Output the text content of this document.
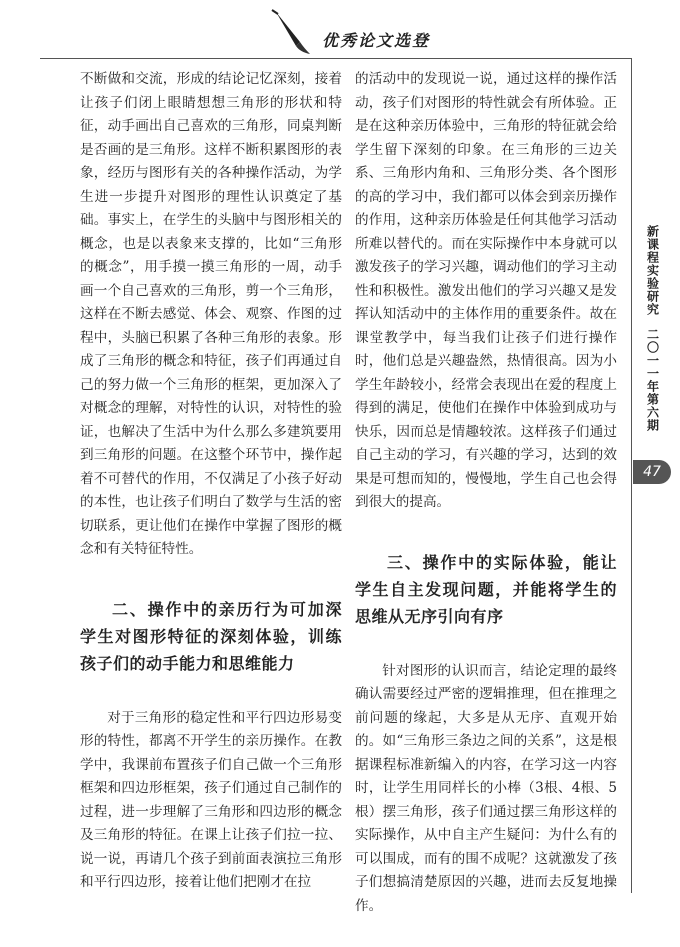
优秀论文选登
新课程实验研究
二〇一一年第六期
47

不断做和交流，形成的结论记忆深刻，接着让孩子们闭上眼睛想想三角形的形状和特征，动手画出自己喜欢的三角形，同桌判断是否画的是三角形。这样不断积累图形的表象，经历与图形有关的各种操作活动，为学生进一步提升对图形的理性认识奠定了基础。事实上，在学生的头脑中与图形相关的概念，也是以表象来支撑的，比如“三角形的概念”，用手摸一摸三角形的一周，动手画一个自己喜欢的三角形，剪一个三角形，这样在不断去感觉、体会、观察、作图的过程中，头脑已积累了各种三角形的表象。形成了三角形的概念和特征，孩子们再通过自己的努力做一个三角形的框架，更加深入了对概念的理解，对特性的认识，对特性的验证，也解决了生活中为什么那么多建筑要用到三角形的问题。在这整个环节中，操作起着不可替代的作用，不仅满足了小孩子好动的本性，也让孩子们明白了数学与生活的密切联系，更让他们在操作中掌握了图形的概念和有关特征特性。

二、操作中的亲历行为可加深学生对图形特征的深刻体验，训练孩子们的动手能力和思维能力

对于三角形的稳定性和平行四边形易变形的特性，都离不开学生的亲历操作。在教学中，我课前布置孩子们自己做一个三角形框架和四边形框架，孩子们通过自己制作的过程，进一步理解了三角形和四边形的概念及三角形的特征。在课上让孩子们拉一拉、说一说，再请几个孩子到前面表演拉三角形和平行四边形，接着让他们把刚才在拉

的活动中的发现说一说，通过这样的操作活动，孩子们对图形的特性就会有所体验。正是在这种亲历体验中，三角形的特征就会给学生留下深刻的印象。在三角形的三边关系、三角形内角和、三角形分类、各个图形的高的学习中，我们都可以体会到亲历操作的作用，这种亲历体验是任何其他学习活动所难以替代的。而在实际操作中本身就可以激发孩子的学习兴趣，调动他们的学习主动性和积极性。激发出他们的学习兴趣又是发挥认知活动中的主体作用的重要条件。故在课堂教学中，每当我们让孩子们进行操作时，他们总是兴趣盎然，热情很高。因为小学生年龄较小，经常会表现出在爱的程度上得到的满足，使他们在操作中体验到成功与快乐，因而总是情趣较浓。这样孩子们通过自己主动的学习，有兴趣的学习，达到的效果是可想而知的，慢慢地，学生自己也会得到很大的提高。

三、操作中的实际体验，能让学生自主发现问题，并能将学生的思维从无序引向有序

针对图形的认识而言，结论定理的最终确认需要经过严密的逻辑推理，但在推理之前问题的缘起，大多是从无序、直观开始的。如“三角形三条边之间的关系”，这是根据课程标准新编入的内容，在学习这一内容时，让学生用同样长的小棒（3根、4根、5根）摆三角形，孩子们通过摆三角形这样的实际操作，从中自主产生疑问：为什么有的可以围成，而有的围不成呢？这就激发了孩子们想搞清楚原因的兴趣，进而去反复地操作。
